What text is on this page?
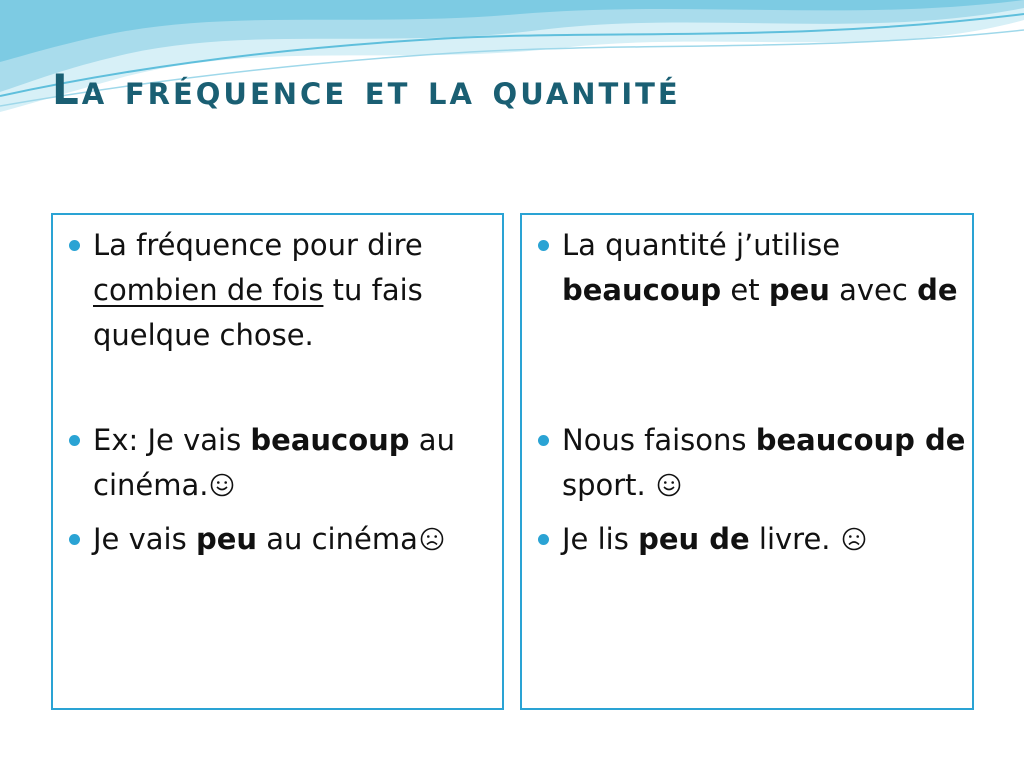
La fréquence et la quantité
La fréquence pour dire combien de fois tu fais quelque chose.
Ex: Je vais beaucoup au cinéma.
Je vais peu au cinéma
La quantité j’utilise beaucoup et peu avec de
Nous faisons beaucoup de sport.
Je lis peu de livre.
